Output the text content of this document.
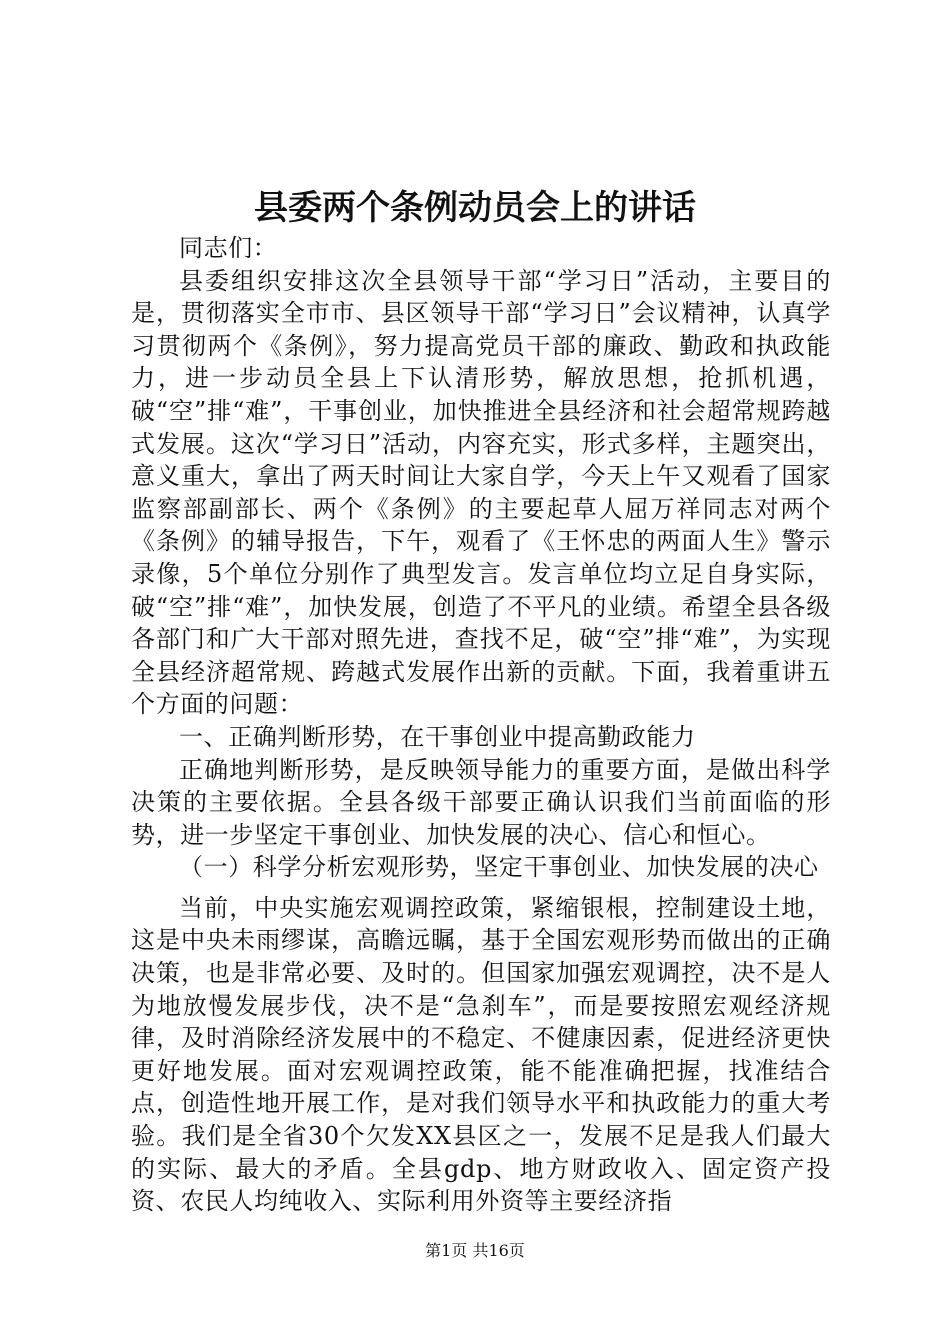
县委两个条例动员会上的讲话

同志们：

县委组织安排这次全县领导干部“学习日”活动，主要目的是，贯彻落实全市市、县区领导干部“学习日”会议精神，认真学习贯彻两个《条例》，努力提高党员干部的廉政、勤政和执政能力，进一步动员全县上下认清形势，解放思想，抢抓机遇，破“空”排“难”，干事创业，加快推进全县经济和社会超常规跨越式发展。这次“学习日”活动，内容充实，形式多样，主题突出，意义重大，拿出了两天时间让大家自学，今天上午又观看了国家监察部副部长、两个《条例》的主要起草人屈万祥同志对两个《条例》的辅导报告，下午，观看了《王怀忠的两面人生》警示录像，5个单位分别作了典型发言。发言单位均立足自身实际，破“空”排“难”，加快发展，创造了不平凡的业绩。希望全县各级各部门和广大干部对照先进，查找不足，破“空”排“难”，为实现全县经济超常规、跨越式发展作出新的贡献。下面，我着重讲五个方面的问题：

一、正确判断形势，在干事创业中提高勤政能力

正确地判断形势，是反映领导能力的重要方面，是做出科学决策的主要依据。全县各级干部要正确认识我们当前面临的形势，进一步坚定干事创业、加快发展的决心、信心和恒心。

（一）科学分析宏观形势，坚定干事创业、加快发展的决心

当前，中央实施宏观调控政策，紧缩银根，控制建设土地，这是中央未雨缪谋，高瞻远瞩，基于全国宏观形势而做出的正确决策，也是非常必要、及时的。但国家加强宏观调控，决不是人为地放慢发展步伐，决不是“急刹车”，而是要按照宏观经济规律，及时消除经济发展中的不稳定、不健康因素，促进经济更快更好地发展。面对宏观调控政策，能不能准确把握，找准结合点，创造性地开展工作，是对我们领导水平和执政能力的重大考验。我们是全省30个欠发XX县区之一，发展不足是我人们最大的实际、最大的矛盾。全县gdp、地方财政收入、固定资产投资、农民人均纯收入、实际利用外资等主要经济指

第1页 共16页
